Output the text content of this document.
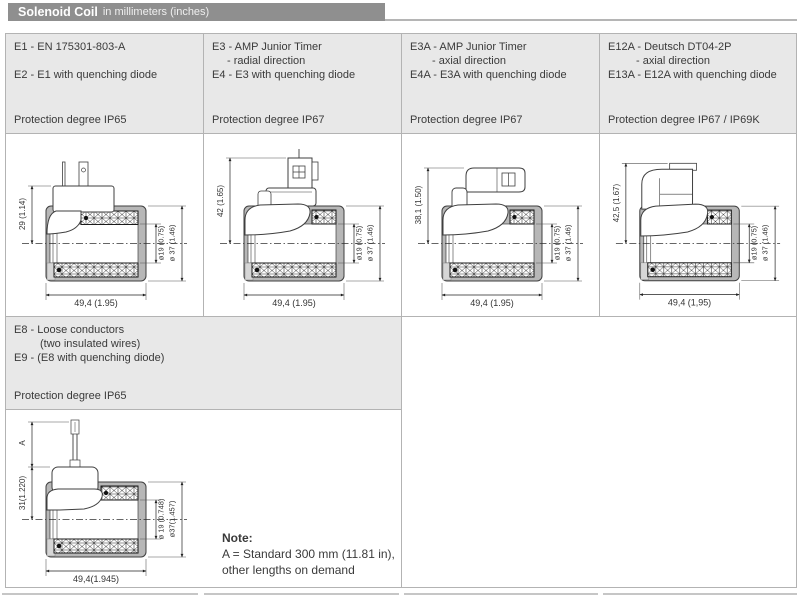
Solenoid Coil in millimeters (inches)
E1 - EN 175301-803-A
E2 - E1 with quenching diode
Protection degree IP65
E3 - AMP Junior Timer
- radial direction
E4 - E3 with quenching diode
Protection degree IP67
E3A - AMP Junior Timer
- axial direction
E4A - E3A with quenching diode
Protection degree IP67
E12A - Deutsch DT04-2P
- axial direction
E13A - E12A with quenching diode
Protection degree IP67 / IP69K
29 (1.14)
ø19 (0.75) ø 37 (1.46)
49,4 (1.95)
42 (1.65)
ø19 (0.75) ø 37 (1.46)
49,4 (1.95)
38,1 (1.50)
ø19 (0.75) ø 37 (1.46)
49,4 (1.95)
42,5 (1.67)
ø19 (0.75) ø 37 (1.46)
49,4 (1,95)
E8 - Loose conductors
(two insulated wires)
E9 - (E8 with quenching diode)
Protection degree IP65
A
31(1.220)
ø 19 (0.748) ø37(1.457)
49,4(1.945)
Note:
A = Standard 300 mm (11.81 in),
other lengths on demand
